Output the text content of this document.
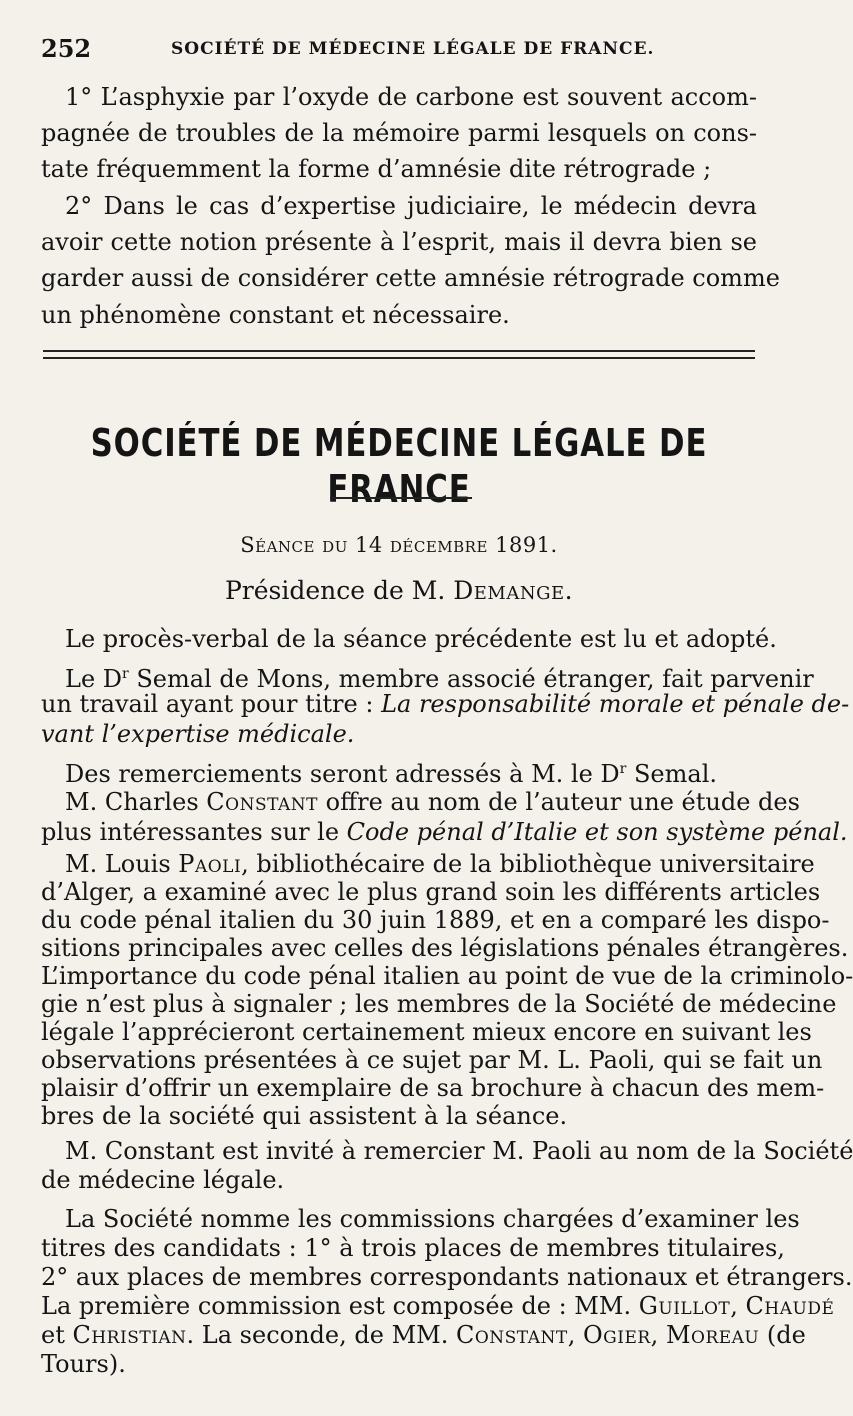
252	SOCIÉTÉ DE MÉDECINE LÉGALE DE FRANCE.
1° L’asphyxie par l’oxyde de carbone est souvent accom-
pagnée de troubles de la mémoire parmi lesquels on cons-
tate fréquemment la forme d’amnésie dite rétrograde ;
2° Dans le cas d’expertise judiciaire, le médecin devra
avoir cette notion présente à l’esprit, mais il devra bien se
garder aussi de considérer cette amnésie rétrograde comme
un phénomène constant et nécessaire.
SOCIÉTÉ DE MÉDECINE LÉGALE DE FRANCE
Séance du 14 décembre 1891.
Présidence de M. Demange.
Le procès-verbal de la séance précédente est lu et adopté.
Le $D^r$ Semal de Mons, membre associé étranger, fait parvenir
un travail ayant pour titre : La responsabilité morale et pénale de-
vant l’expertise médicale.
Des remerciements seront adressés à M. le $D^r$ Semal.
M. Charles Constant offre au nom de l’auteur une étude des
plus intéressantes sur le Code pénal d’Italie et son système pénal.
M. Louis Paoli, bibliothécaire de la bibliothèque universitaire
d’Alger, a examiné avec le plus grand soin les différents articles
du code pénal italien du 30 juin 1889, et en a comparé les dispo-
sitions principales avec celles des législations pénales étrangères.
L’importance du code pénal italien au point de vue de la criminolo-
gie n’est plus à signaler ; les membres de la Société de médecine
légale l’apprécieront certainement mieux encore en suivant les
observations présentées à ce sujet par M. L. Paoli, qui se fait un
plaisir d’offrir un exemplaire de sa brochure à chacun des mem-
bres de la société qui assistent à la séance.
M. Constant est invité à remercier M. Paoli au nom de la Société
de médecine légale.
La Société nomme les commissions chargées d’examiner les
titres des candidats : 1° à trois places de membres titulaires,
2° aux places de membres correspondants nationaux et étrangers.
La première commission est composée de : MM. Guillot, Chaudé
et Christian. La seconde, de MM. Constant, Ogier, Moreau (de
Tours).
